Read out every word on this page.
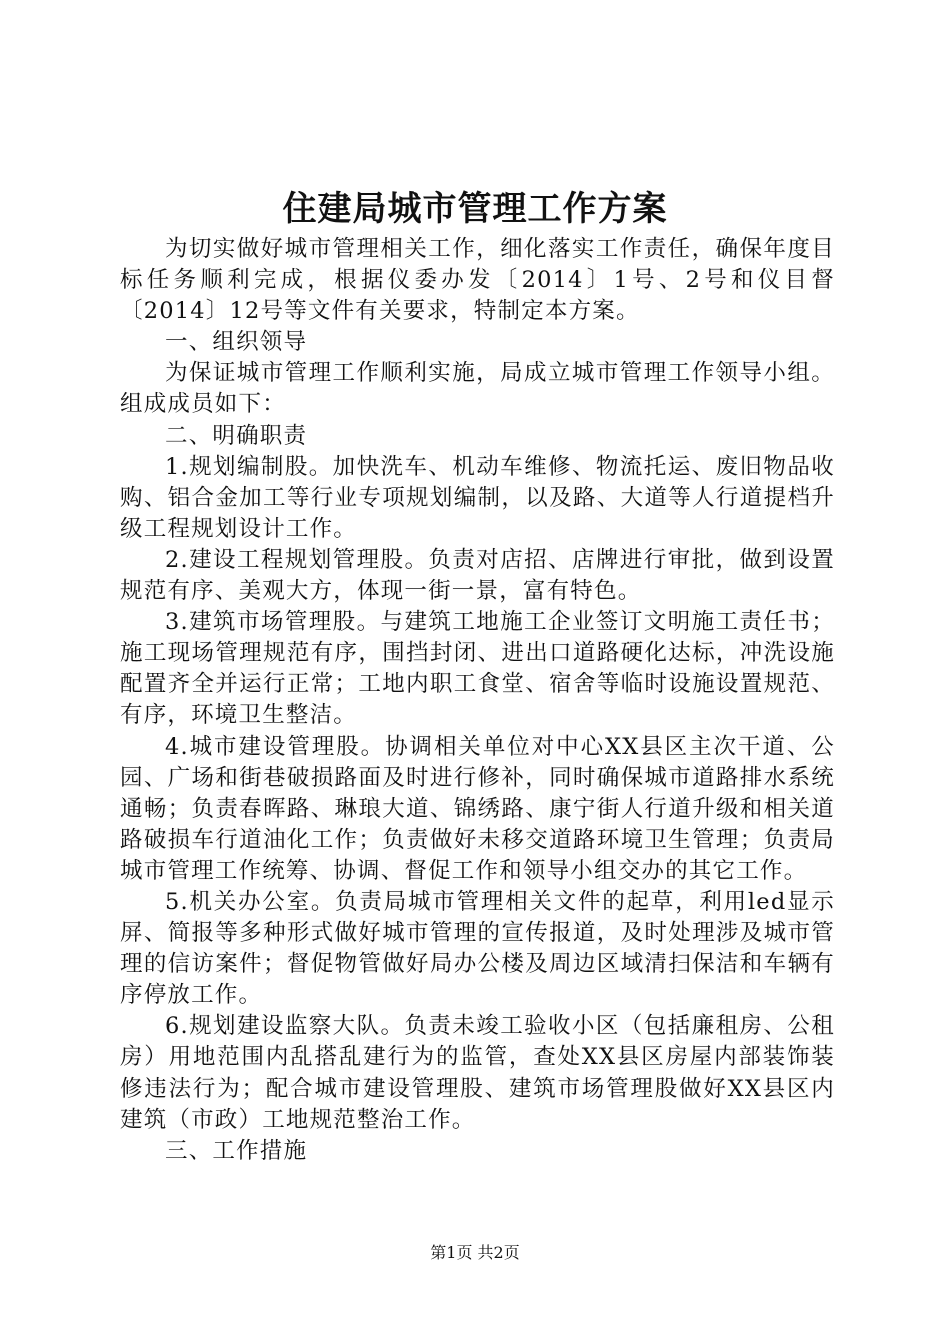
住建局城市管理工作方案

为切实做好城市管理相关工作，细化落实工作责任，确保年度目标任务顺利完成，根据仪委办发〔2014〕1号、2号和仪目督〔2014〕12号等文件有关要求，特制定本方案。

一、组织领导

为保证城市管理工作顺利实施，局成立城市管理工作领导小组。组成成员如下：

二、明确职责

1.规划编制股。加快洗车、机动车维修、物流托运、废旧物品收购、铝合金加工等行业专项规划编制，以及路、大道等人行道提档升级工程规划设计工作。

2.建设工程规划管理股。负责对店招、店牌进行审批，做到设置规范有序、美观大方，体现一街一景，富有特色。

3.建筑市场管理股。与建筑工地施工企业签订文明施工责任书；施工现场管理规范有序，围挡封闭、进出口道路硬化达标，冲洗设施配置齐全并运行正常；工地内职工食堂、宿舍等临时设施设置规范、有序，环境卫生整洁。

4.城市建设管理股。协调相关单位对中心XX县区主次干道、公园、广场和街巷破损路面及时进行修补，同时确保城市道路排水系统通畅；负责春晖路、琳琅大道、锦绣路、康宁街人行道升级和相关道路破损车行道油化工作；负责做好未移交道路环境卫生管理；负责局城市管理工作统筹、协调、督促工作和领导小组交办的其它工作。

5.机关办公室。负责局城市管理相关文件的起草，利用led显示屏、简报等多种形式做好城市管理的宣传报道，及时处理涉及城市管理的信访案件；督促物管做好局办公楼及周边区域清扫保洁和车辆有序停放工作。

6.规划建设监察大队。负责未竣工验收小区（包括廉租房、公租房）用地范围内乱搭乱建行为的监管，查处XX县区房屋内部装饰装修违法行为；配合城市建设管理股、建筑市场管理股做好XX县区内建筑（市政）工地规范整治工作。

三、工作措施

第1页 共2页
